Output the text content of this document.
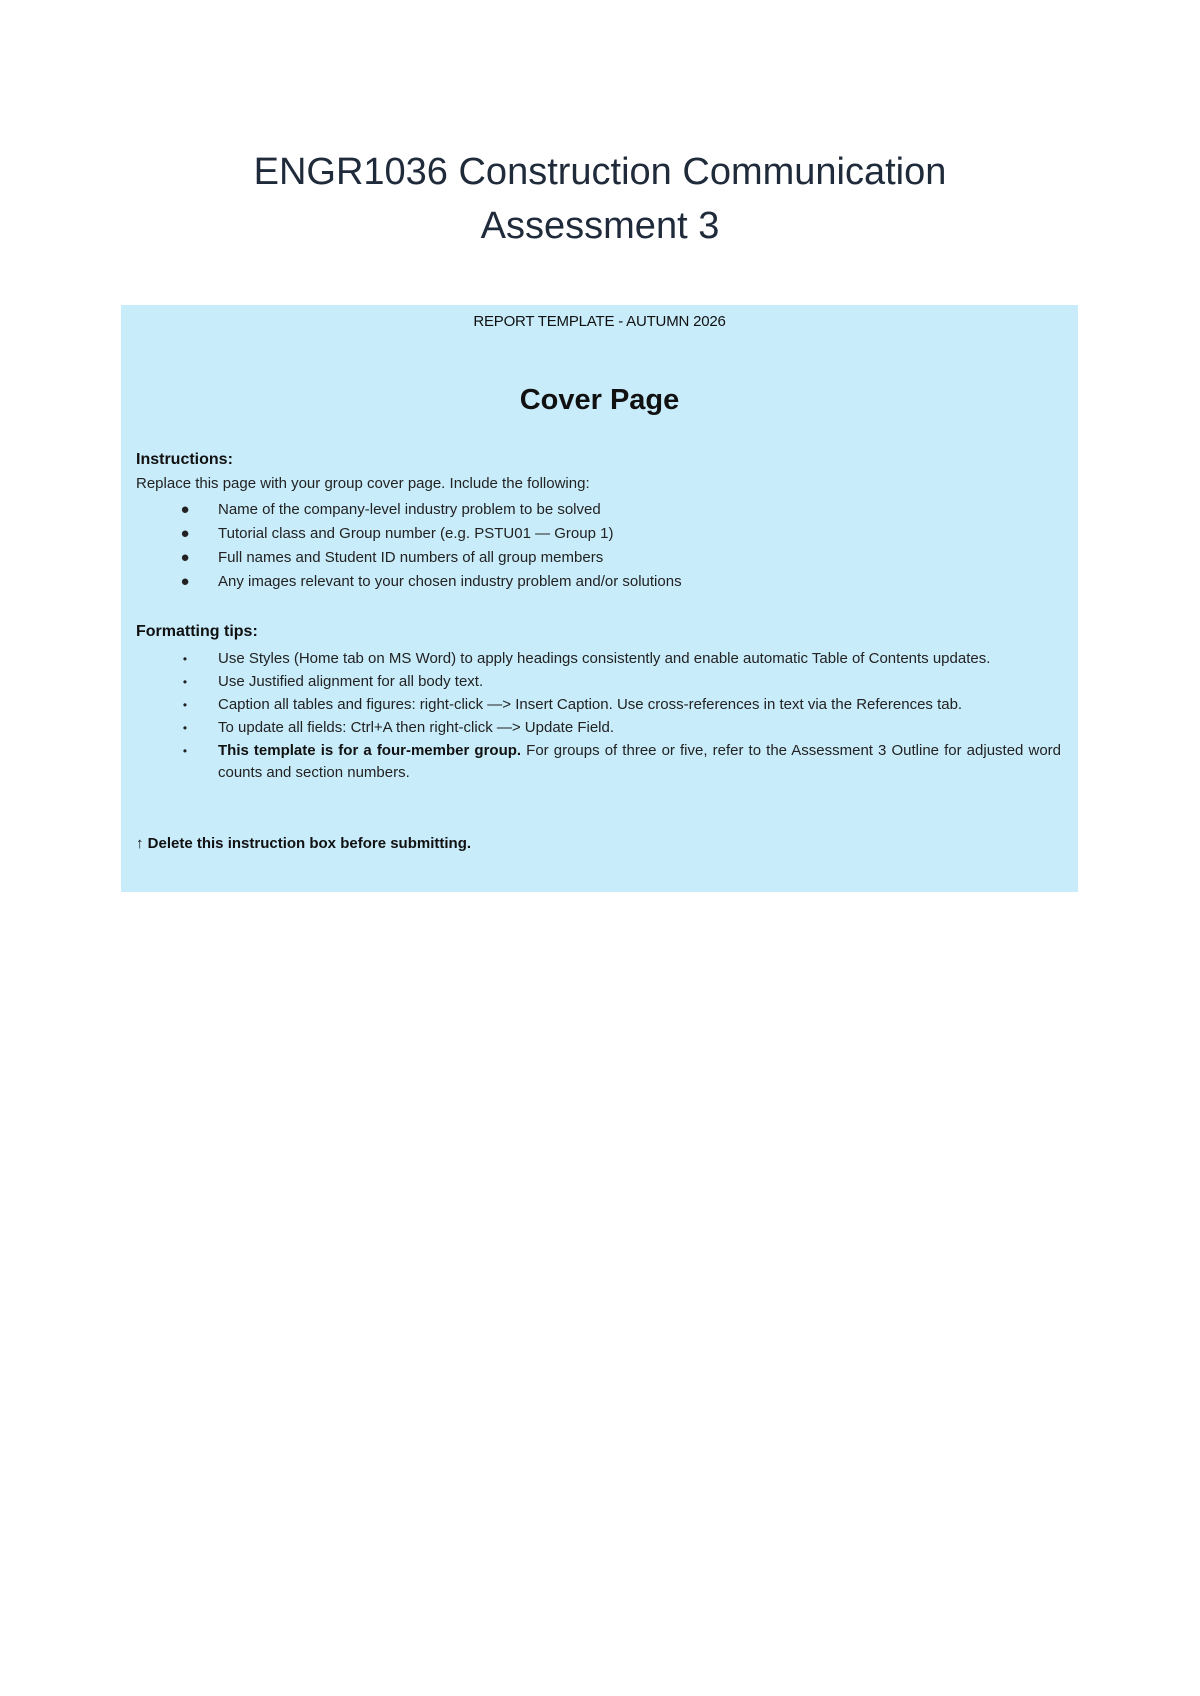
ENGR1036 Construction Communication
Assessment 3
REPORT TEMPLATE - AUTUMN 2026
Cover Page
Instructions:
Replace this page with your group cover page. Include the following:
● Name of the company-level industry problem to be solved
● Tutorial class and Group number (e.g. PSTU01 — Group 1)
● Full names and Student ID numbers of all group members
● Any images relevant to your chosen industry problem and/or solutions
Formatting tips:
• Use Styles (Home tab on MS Word) to apply headings consistently and enable automatic Table of Contents updates.
• Use Justified alignment for all body text.
• Caption all tables and figures: right-click —> Insert Caption. Use cross-references in text via the References tab.
• To update all fields: Ctrl+A then right-click —> Update Field.
• This template is for a four-member group. For groups of three or five, refer to the Assessment 3 Outline for adjusted word counts and section numbers.
↑ Delete this instruction box before submitting.
